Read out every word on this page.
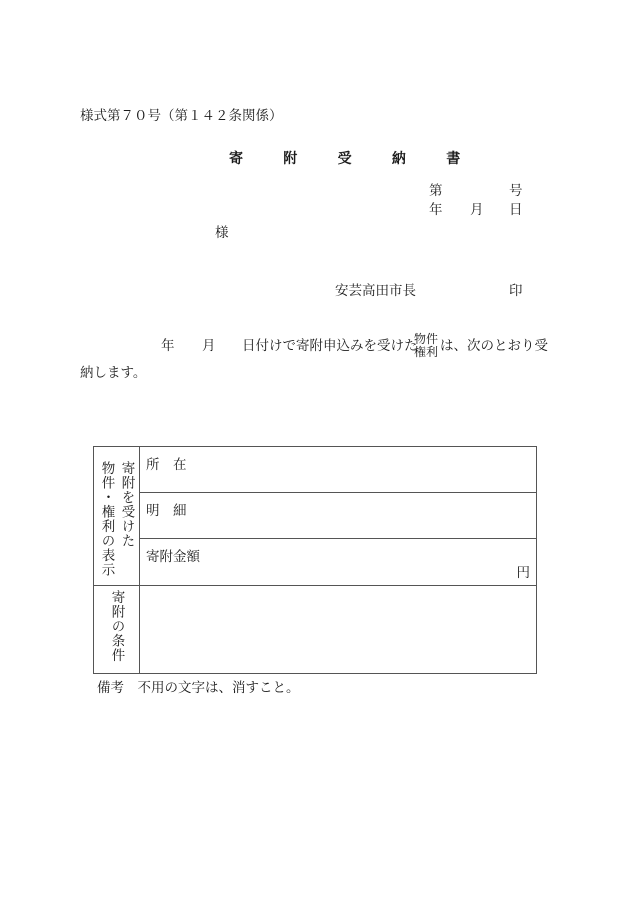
様式第７０号（第１４２条関係）
寄	附	受	納	書
第	号
年 月 日
様
安芸高田市長	印
年 月 日付けで寄附申込みを受けた
物件
権利 は、次のとおり受
納します。
寄附を受けた
物件・権利の表示	所　在

	明　細

	寄附金額
円

寄附の条件	

備考　不用の文字は、消すこと。
